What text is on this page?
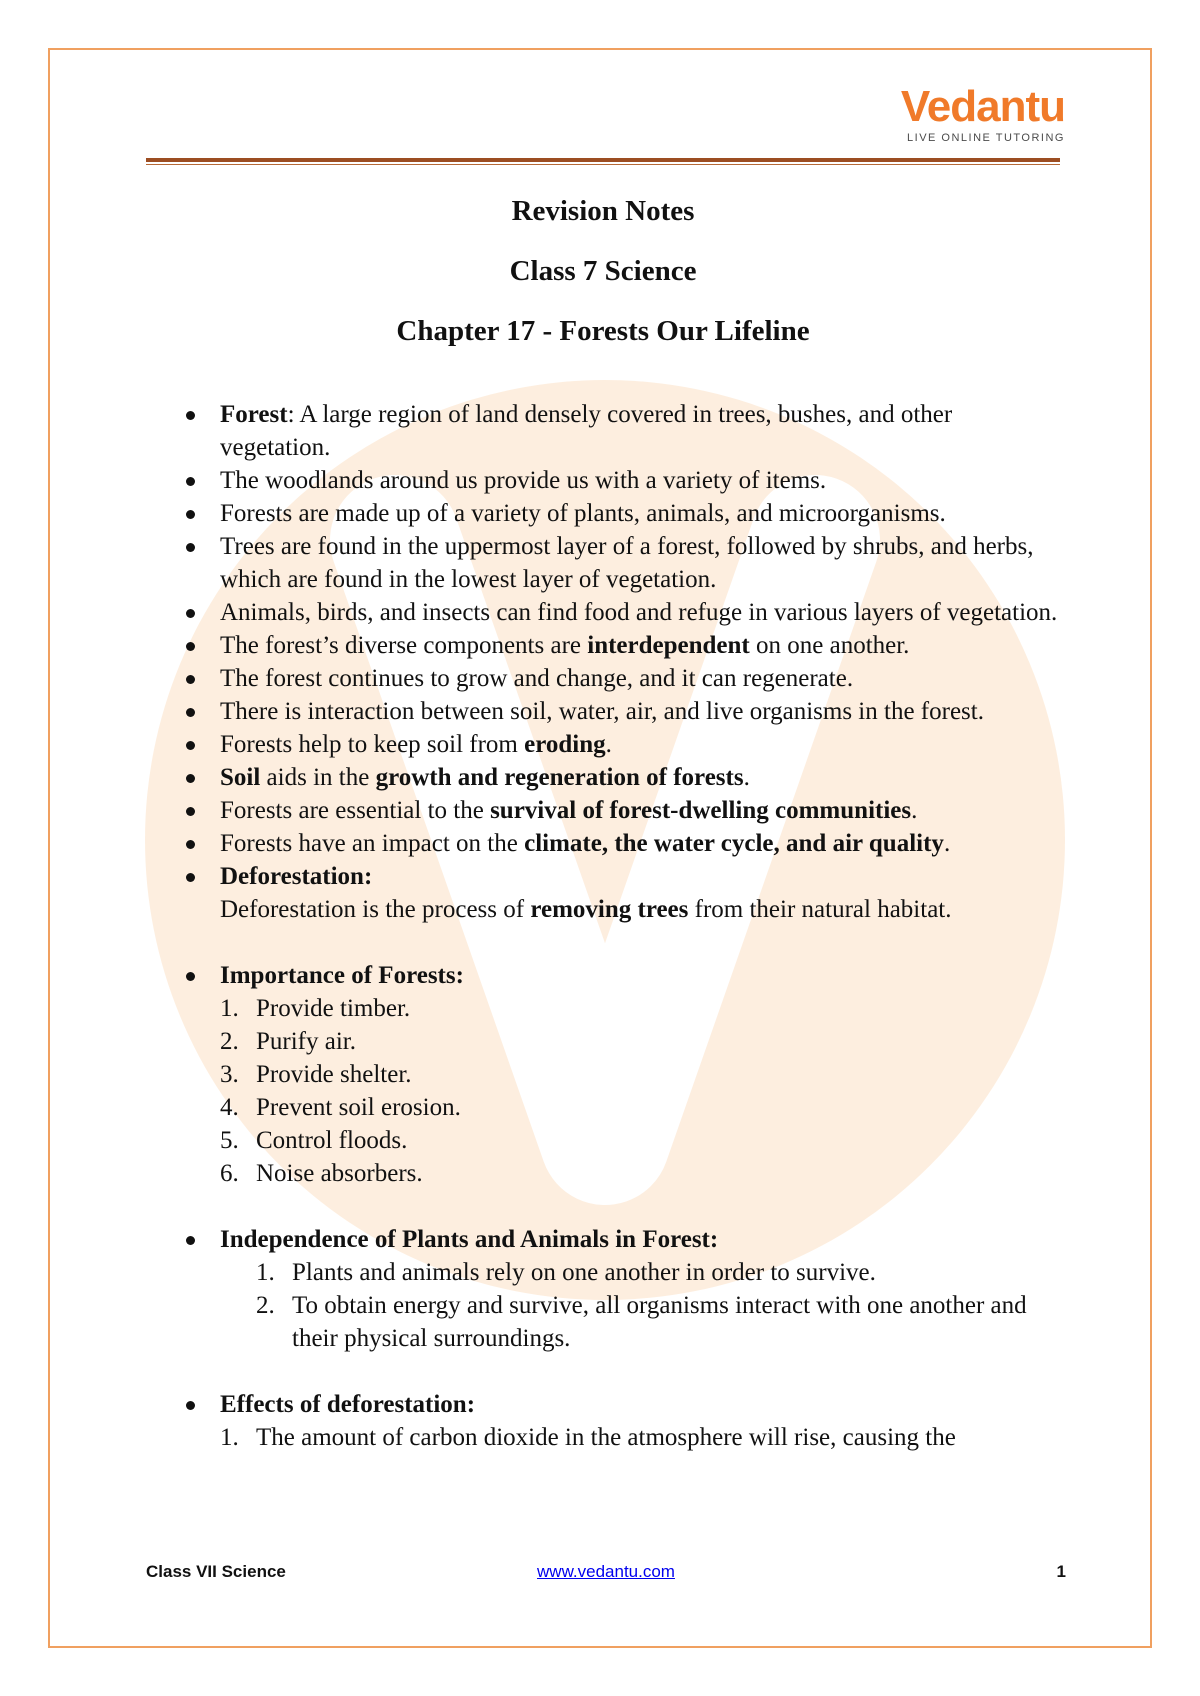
Vedantu
LIVE ONLINE TUTORING
Revision Notes
Class 7 Science
Chapter 17 - Forests Our Lifeline
Forest: A large region of land densely covered in trees, bushes, and other vegetation.
The woodlands around us provide us with a variety of items.
Forests are made up of a variety of plants, animals, and microorganisms.
Trees are found in the uppermost layer of a forest, followed by shrubs, and herbs, which are found in the lowest layer of vegetation.
Animals, birds, and insects can find food and refuge in various layers of vegetation.
The forest’s diverse components are interdependent on one another.
The forest continues to grow and change, and it can regenerate.
There is interaction between soil, water, air, and live organisms in the forest.
Forests help to keep soil from eroding.
Soil aids in the growth and regeneration of forests.
Forests are essential to the survival of forest-dwelling communities.
Forests have an impact on the climate, the water cycle, and air quality.
Deforestation:
Deforestation is the process of removing trees from their natural habitat.
Importance of Forests:
1. Provide timber.
2. Purify air.
3. Provide shelter.
4. Prevent soil erosion.
5. Control floods.
6. Noise absorbers.
Independence of Plants and Animals in Forest:
1. Plants and animals rely on one another in order to survive.
2. To obtain energy and survive, all organisms interact with one another and their physical surroundings.
Effects of deforestation:
1. The amount of carbon dioxide in the atmosphere will rise, causing the
Class VII Science	www.vedantu.com	1
